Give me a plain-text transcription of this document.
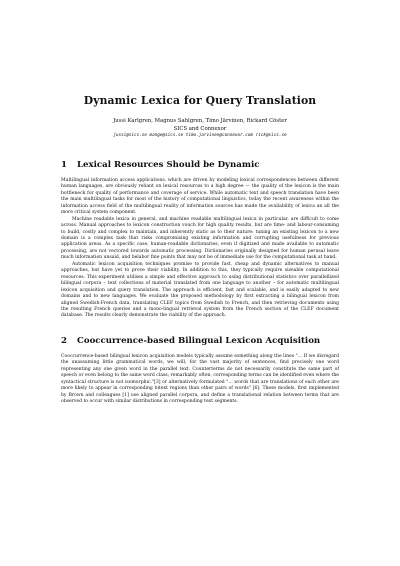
Dynamic Lexica for Query Translation

Jussi Karlgren, Magnus Sahlgren, Timo Järvinen, Rickard Cöster

SICS and Connexor

jussi@sics.se mange@sics.se timo.jarvinen@connexor.com rick@sics.se

1 Lexical Resources Should be Dynamic

Multilingual information access applications, which are driven by modeling lexical correspondences between different human languages, are obviously reliant on lexical resources to a high degree — the quality of the lexicon is the main bottleneck for quality of performance and coverage of service. While automatic text and speech translation have been the main multilingual tasks for most of the history of computational linguistics, today the recent awareness within the information access field of the multilingual reality of information sources has made the availability of lexica an all the more critical system component.

Machine readable lexica in general, and machine readable multilingual lexica in particular, are difficult to come across. Manual approaches to lexicon construction vouch for high quality results, but are time- and labour-consuming to build, costly and complex to maintain, and inherently static as to their nature: tuning an existing lexicon to a new domain is a complex task that risks compromising existing information and corrupting usefulness for previous application areas. As a specific case, human-readable dictionaries, even if digitized and made available to automatic processing, are not vectored towards automatic processing. Dictionaries originally designed for human perusal leave much information unsaid, and belabor fine points that may not be of immediate use for the computational task at hand.

Automatic lexicon acquisition techniques promise to provide fast, cheap and dynamic alternatives to manual approaches, but have yet to prove their viability. In addition to this, they typically require sizeable computational resources. This experiment utilises a simple and effective approach to using distributional statistics over parallellized bilingual corpora – text collections of material translated from one language to another – for automatic multilingual lexicon acquisition and query translation. The approach is efficient, fast and scalable, and is easily adapted to new domains and to new languages. We evaluate the proposed methodology by first extracting a bilingual lexicon from aligned Swedish-French data, translating CLEF topics from Swedish to French, and then retrieving documents using the resulting French queries and a mono-lingual retrieval system from the French section of the CLEF document database. The results clearly demonstrate the viability of the approach.

2 Cooccurrence-based Bilingual Lexicon Acquisition

Cooccurrence-based bilingual lexicon acquisition models typically assume something along the lines "... If we disregard the unassuming little grammatical words, we will, for the vast majority of sentences, find precisely one word representing any one given word in the parallel text. Counterterms do not necessarily constitute the same part of speech or even belong to the same word class; remarkably often, corresponding terms can be identified even where the syntactical structure is not isomorphic."[3] or alternatively formulated "... words that are translations of each other are more likely to appear in corresponding bitext regions than other pairs of words" [6]. These models, first implemented by Brown and colleagues [1] use aligned parallel corpora, and define a translational relation between terms that are observed to occur with similar distributions in corresponding text segments.
